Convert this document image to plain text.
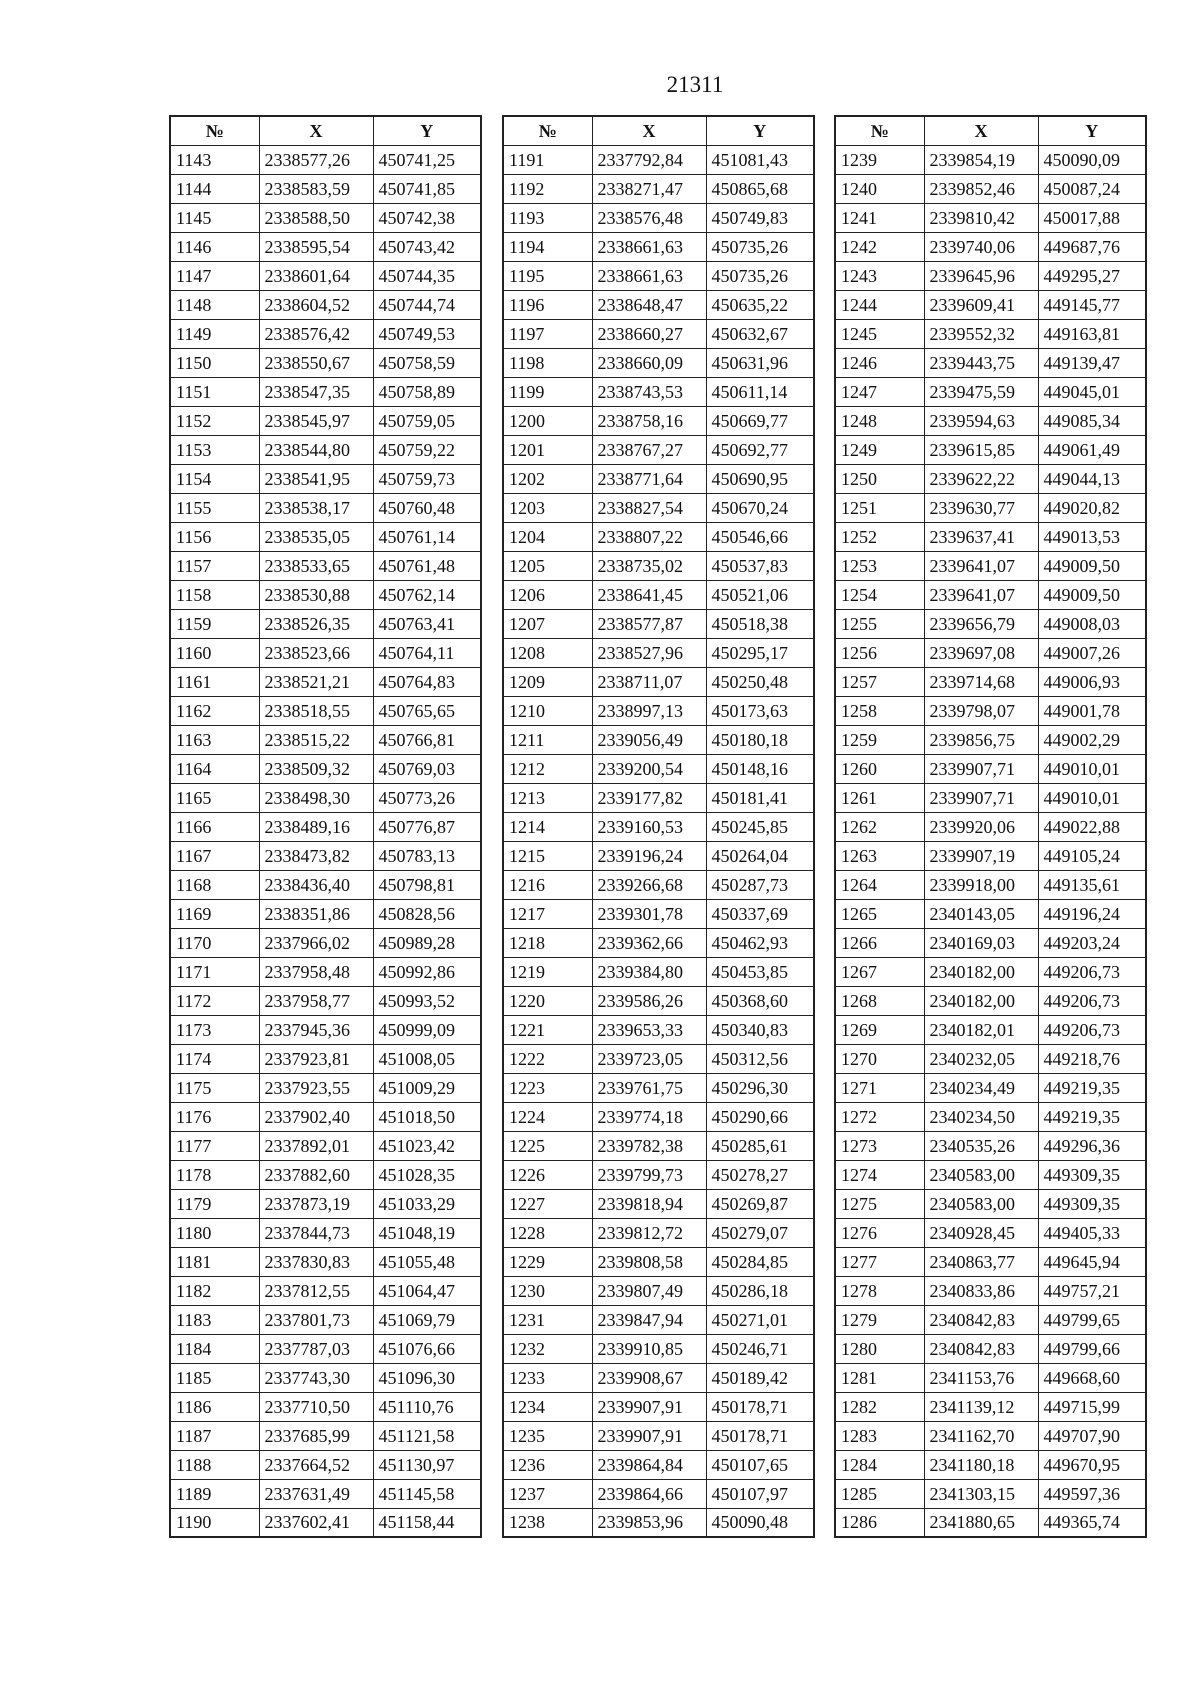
21311
№	X	Y
1143	2338577,26	450741,25
1144	2338583,59	450741,85
1145	2338588,50	450742,38
1146	2338595,54	450743,42
1147	2338601,64	450744,35
1148	2338604,52	450744,74
1149	2338576,42	450749,53
1150	2338550,67	450758,59
1151	2338547,35	450758,89
1152	2338545,97	450759,05
1153	2338544,80	450759,22
1154	2338541,95	450759,73
1155	2338538,17	450760,48
1156	2338535,05	450761,14
1157	2338533,65	450761,48
1158	2338530,88	450762,14
1159	2338526,35	450763,41
1160	2338523,66	450764,11
1161	2338521,21	450764,83
1162	2338518,55	450765,65
1163	2338515,22	450766,81
1164	2338509,32	450769,03
1165	2338498,30	450773,26
1166	2338489,16	450776,87
1167	2338473,82	450783,13
1168	2338436,40	450798,81
1169	2338351,86	450828,56
1170	2337966,02	450989,28
1171	2337958,48	450992,86
1172	2337958,77	450993,52
1173	2337945,36	450999,09
1174	2337923,81	451008,05
1175	2337923,55	451009,29
1176	2337902,40	451018,50
1177	2337892,01	451023,42
1178	2337882,60	451028,35
1179	2337873,19	451033,29
1180	2337844,73	451048,19
1181	2337830,83	451055,48
1182	2337812,55	451064,47
1183	2337801,73	451069,79
1184	2337787,03	451076,66
1185	2337743,30	451096,30
1186	2337710,50	451110,76
1187	2337685,99	451121,58
1188	2337664,52	451130,97
1189	2337631,49	451145,58
1190	2337602,41	451158,44
№	X	Y
1191	2337792,84	451081,43
1192	2338271,47	450865,68
1193	2338576,48	450749,83
1194	2338661,63	450735,26
1195	2338661,63	450735,26
1196	2338648,47	450635,22
1197	2338660,27	450632,67
1198	2338660,09	450631,96
1199	2338743,53	450611,14
1200	2338758,16	450669,77
1201	2338767,27	450692,77
1202	2338771,64	450690,95
1203	2338827,54	450670,24
1204	2338807,22	450546,66
1205	2338735,02	450537,83
1206	2338641,45	450521,06
1207	2338577,87	450518,38
1208	2338527,96	450295,17
1209	2338711,07	450250,48
1210	2338997,13	450173,63
1211	2339056,49	450180,18
1212	2339200,54	450148,16
1213	2339177,82	450181,41
1214	2339160,53	450245,85
1215	2339196,24	450264,04
1216	2339266,68	450287,73
1217	2339301,78	450337,69
1218	2339362,66	450462,93
1219	2339384,80	450453,85
1220	2339586,26	450368,60
1221	2339653,33	450340,83
1222	2339723,05	450312,56
1223	2339761,75	450296,30
1224	2339774,18	450290,66
1225	2339782,38	450285,61
1226	2339799,73	450278,27
1227	2339818,94	450269,87
1228	2339812,72	450279,07
1229	2339808,58	450284,85
1230	2339807,49	450286,18
1231	2339847,94	450271,01
1232	2339910,85	450246,71
1233	2339908,67	450189,42
1234	2339907,91	450178,71
1235	2339907,91	450178,71
1236	2339864,84	450107,65
1237	2339864,66	450107,97
1238	2339853,96	450090,48
№	X	Y
1239	2339854,19	450090,09
1240	2339852,46	450087,24
1241	2339810,42	450017,88
1242	2339740,06	449687,76
1243	2339645,96	449295,27
1244	2339609,41	449145,77
1245	2339552,32	449163,81
1246	2339443,75	449139,47
1247	2339475,59	449045,01
1248	2339594,63	449085,34
1249	2339615,85	449061,49
1250	2339622,22	449044,13
1251	2339630,77	449020,82
1252	2339637,41	449013,53
1253	2339641,07	449009,50
1254	2339641,07	449009,50
1255	2339656,79	449008,03
1256	2339697,08	449007,26
1257	2339714,68	449006,93
1258	2339798,07	449001,78
1259	2339856,75	449002,29
1260	2339907,71	449010,01
1261	2339907,71	449010,01
1262	2339920,06	449022,88
1263	2339907,19	449105,24
1264	2339918,00	449135,61
1265	2340143,05	449196,24
1266	2340169,03	449203,24
1267	2340182,00	449206,73
1268	2340182,00	449206,73
1269	2340182,01	449206,73
1270	2340232,05	449218,76
1271	2340234,49	449219,35
1272	2340234,50	449219,35
1273	2340535,26	449296,36
1274	2340583,00	449309,35
1275	2340583,00	449309,35
1276	2340928,45	449405,33
1277	2340863,77	449645,94
1278	2340833,86	449757,21
1279	2340842,83	449799,65
1280	2340842,83	449799,66
1281	2341153,76	449668,60
1282	2341139,12	449715,99
1283	2341162,70	449707,90
1284	2341180,18	449670,95
1285	2341303,15	449597,36
1286	2341880,65	449365,74
